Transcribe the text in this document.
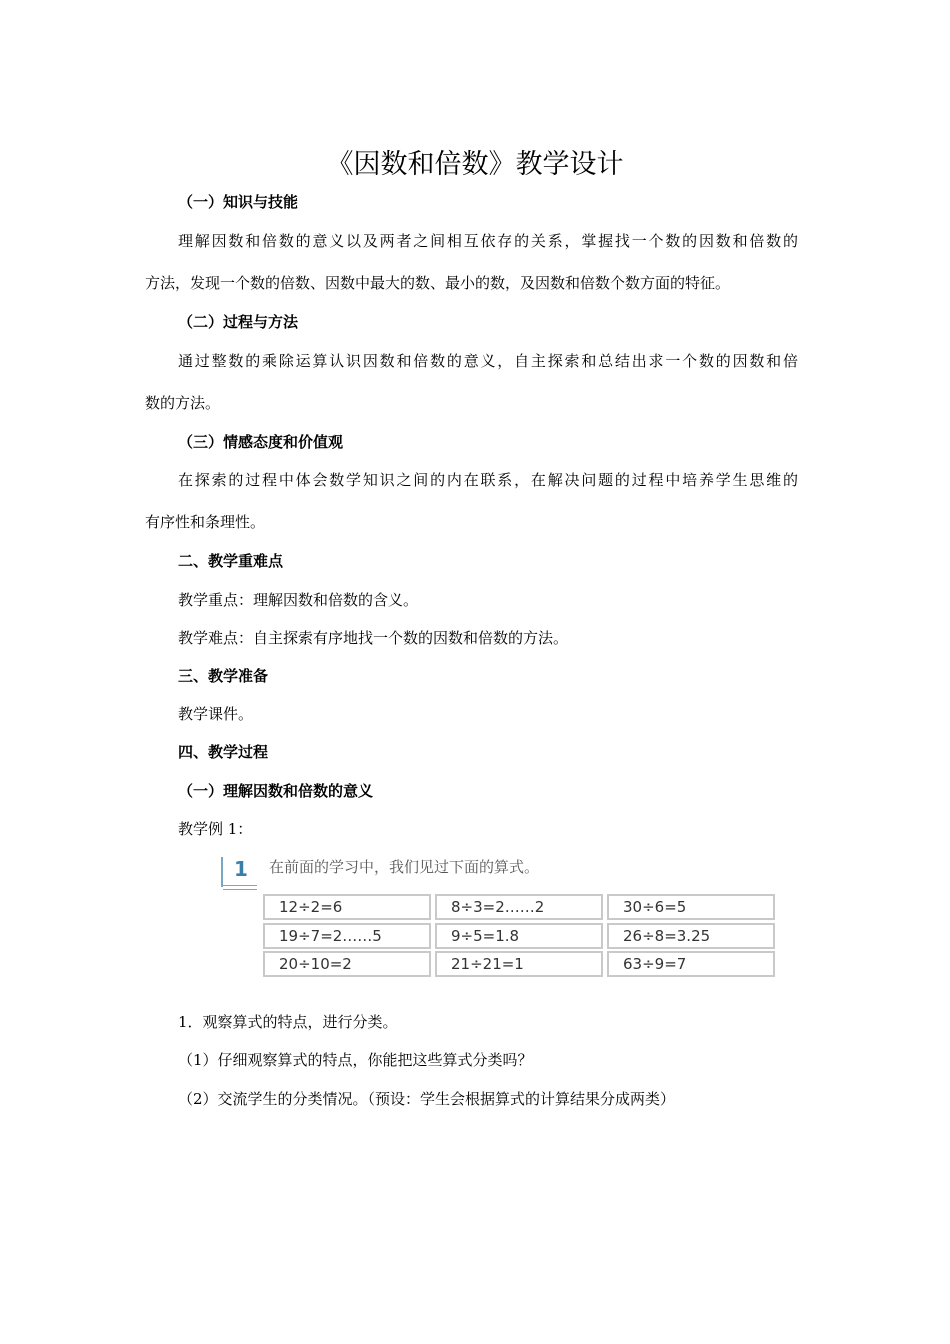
《因数和倍数》教学设计
（一）知识与技能
理解因数和倍数的意义以及两者之间相互依存的关系，掌握找一个数的因数和倍数的
方法，发现一个数的倍数、因数中最大的数、最小的数，及因数和倍数个数方面的特征。
（二）过程与方法
通过整数的乘除运算认识因数和倍数的意义，自主探索和总结出求一个数的因数和倍
数的方法。
（三）情感态度和价值观
在探索的过程中体会数学知识之间的内在联系，在解决问题的过程中培养学生思维的
有序性和条理性。
二、教学重难点
教学重点：理解因数和倍数的含义。
教学难点：自主探索有序地找一个数的因数和倍数的方法。
三、教学准备
教学课件。
四、教学过程
（一）理解因数和倍数的意义
教学例 1：
1 在前面的学习中，我们见过下面的算式。
12÷2=6	8÷3=2……2	30÷6=5
19÷7=2……5	9÷5=1.8	26÷8=3.25
20÷10=2	21÷21=1	63÷9=7
1．观察算式的特点，进行分类。
（1）仔细观察算式的特点，你能把这些算式分类吗？
（2）交流学生的分类情况。（预设：学生会根据算式的计算结果分成两类）
